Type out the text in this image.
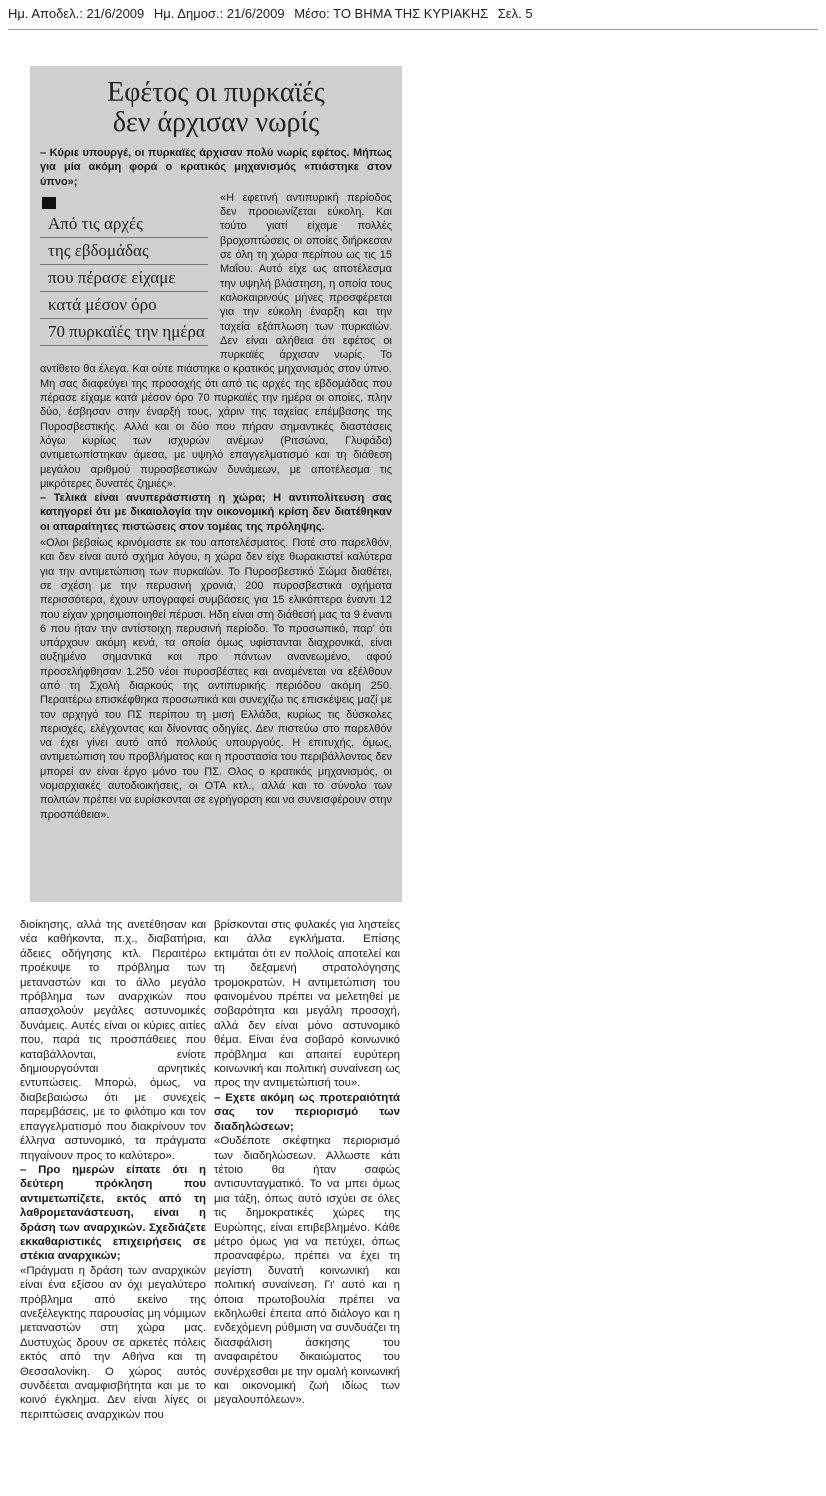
Ημ. Αποδελ.: 21/6/2009 Ημ. Δημοσ.: 21/6/2009 Μέσο: ΤΟ ΒΗΜΑ ΤΗΣ ΚΥΡΙΑΚΗΣ Σελ. 5
Εφέτος οι πυρκαϊές
δεν άρχισαν νωρίς

– Κύριε υπουργέ, οι πυρκαϊές άρχισαν πολύ νωρίς εφέτος. Μήπως για μία ακόμη φορά ο κρατικός μηχανισμός «πιάστηκε στον ύπνο»;

Από τις αρχές
της εβδομάδας
που πέρασε είχαμε
κατά μέσον όρο
70 πυρκαϊές την ημέρα

«Η εφετινή αντιπυρική περίοδος δεν προοιωνίζεται εύκολη. Και τούτο γιατί είχαμε πολλές βροχοπτώσεις οι οποίες διήρκεσαν σε όλη τη χώρα περίπου ως τις 15 Μαΐου. Αυτό είχε ως αποτέλεσμα την υψηλή βλάστηση, η οποία τους καλοκαιρινούς μήνες προσφέρεται για την εύκολη έναρξη και την ταχεία εξάπλωση των πυρκαϊών. Δεν είναι αλήθεια ότι εφέτος οι πυρκαϊές άρχισαν νωρίς. Το αντίθετο θα έλεγα. Και ούτε πιάστηκε ο κρατικός μηχανισμός στον ύπνο. Μη σας διαφεύγει της προσοχής ότι από τις αρχές της εβδομάδας που πέρασε είχαμε κατά μέσον όρο 70 πυρκαϊές την ημέρα οι οποίες, πλην δύο, έσβησαν στην έναρξή τους, χάριν της ταχείας επέμβασης της Πυροσβεστικής. Αλλά και οι δύο που πήραν σημαντικές διαστάσεις λόγω κυρίως των ισχυρών ανέμων (Ριτσώνα, Γλυφάδα) αντιμετωπίστηκαν άμεσα, με υψηλό επαγγελματισμό και τη διάθεση μεγάλου αριθμού πυροσβεστικών δυνάμεων, με αποτέλεσμα τις μικρότερες δυνατές ζημιές».

– Τελικά είναι ανυπεράσπιστη η χώρα; Η αντιπολίτευση σας κατηγορεί ότι με δικαιολογία την οικονομική κρίση δεν διατέθηκαν οι απαραίτητες πιστώσεις στον τομέας της πρόληψης.

«Ολοι βεβαίως κρινόμαστε εκ του αποτελέσματος. Ποτέ στο παρελθόν, και δεν είναι αυτό σχήμα λόγου, η χώρα δεν είχε θωρακιστεί καλύτερα για την αντιμετώπιση των πυρκαϊών. Το Πυροσβεστικό Σώμα διαθέτει, σε σχέση με την περυσινή χρονιά, 200 πυροσβεστικά οχήματα περισσότερα, έχουν υπογραφεί συμβάσεις για 15 ελικόπτερα έναντι 12 που είχαν χρησιμοποιηθεί πέρυσι. Ηδη είναι στη διάθεσή μας τα 9 έναντι 6 που ήταν την αντίστοιχη περυσινή περίοδο. Το προσωπικό, παρ' ότι υπάρχουν ακόμη κενά, τα οποία όμως υφίστανται διαχρονικά, είναι αυξημένο σημαντικά και προ πάντων ανανεωμένο, αφού προσελήφθησαν 1.250 νέοι πυροσβέστες και αναμένεται να εξέλθουν από τη Σχολή διαρκούς της αντιπυρικής περιόδου ακόμη 250. Περαιτέρω επισκέφθηκα προσωπικά και συνεχίζω τις επισκέψεις μαζί με τον αρχηγό του ΠΣ περίπου τη μισή Ελλάδα, κυρίως τις δύσκολες περιοχές, ελέγχοντας και δίνοντας οδηγίες. Δεν πιστεύω στο παρελθόν να έχει γίνει αυτό από πολλούς υπουργούς. Η επιτυχής, όμως, αντιμετώπιση του προβλήματος και η προστασία του περιβάλλοντος δεν μπορεί αν είναι έργο μόνο του ΠΣ. Ολος ο κρατικός μηχανισμός, οι νομαρχιακές αυτοδιοικήσεις, οι ΟΤΑ κτλ., αλλά και το σύνολο των πολιτών πρέπει να ευρίσκονται σε εγρήγορση και να συνεισφέρουν στην προσπάθεια».

διοίκησης, αλλά της ανετέθησαν και νέα καθήκοντα, π.χ., διαβατήρια, άδειες οδήγησης κτλ. Περαιτέρω προέκυψε το πρόβλημα των μεταναστών και το άλλο μεγάλο πρόβλημα των αναρχικών που απασχολούν μεγάλες αστυνομικές δυνάμεις. Αυτές είναι οι κύριες αιτίες που, παρά τις προσπάθειες που καταβάλλονται, ενίοτε δημιουργούνται αρνητικές εντυπώσεις. Μπορώ, όμως, να διαβεβαιώσω ότι με συνεχείς παρεμβάσεις, με το φιλότιμο και τον επαγγελματισμό που διακρίνουν τον έλληνα αστυνομικό, τα πράγματα πηγαίνουν προς το καλύτερο».

– Προ ημερών είπατε ότι η δεύτερη πρόκληση που αντιμετωπίζετε, εκτός από τη λαθρομετανάστευση, είναι η δράση των αναρχικών. Σχεδιάζετε εκκαθαριστικές επιχειρήσεις σε στέκια αναρχικών;

«Πράγματι η δράση των αναρχικών είναι ένα εξίσου αν όχι μεγαλύτερο πρόβλημα από εκείνο της ανεξέλεγκτης παρουσίας μη νόμιμων μεταναστών στη χώρα μας. Δυστυχώς δρουν σε αρκετές πόλεις εκτός από την Αθήνα και τη Θεσσαλονίκη. Ο χώρος αυτός συνδέεται αναμφισβήτητα και με το κοινό έγκλημα. Δεν είναι λίγες οι περιπτώσεις αναρχικών που

βρίσκονται στις φυλακές για ληστείες και άλλα εγκλήματα. Επίσης εκτιμάται ότι εν πολλοίς αποτελεί και τη δεξαμενή στρατολόγησης τρομοκρατών. Η αντιμετώπιση του φαινομένου πρέπει να μελετηθεί με σοβαρότητα και μεγάλη προσοχή, αλλά δεν είναι μόνο αστυνομικό θέμα. Είναι ένα σοβαρό κοινωνικό πρόβλημα και απαιτεί ευρύτερη κοινωνική και πολιτική συναίνεση ως προς την αντιμετώπισή του».

– Εχετε ακόμη ως προτεραιότητά σας τον περιορισμό των διαδηλώσεων;

«Ουδέποτε σκέφτηκα περιορισμό των διαδηλώσεων. Αλλωστε κάτι τέτοιο θα ήταν σαφώς αντισυνταγματικό. Το να μπει όμως μια τάξη, όπως αυτό ισχύει σε όλες τις δημοκρατικές χώρες της Ευρώπης, είναι επιβεβλημένο. Κάθε μέτρο όμως για να πετύχει, όπως προαναφέρω, πρέπει να έχει τη μεγίστη δυνατή κοινωνική και πολιτική συναίνεση. Γι' αυτό και η όποια πρωτοβουλία πρέπει να εκδηλωθεί έπειτα από διάλογο και η ενδεχόμενη ρύθμιση να συνδυάζει τη διασφάλιση άσκησης του αναφαιρέτου δικαιώματος του συνέρχεσθαι με την ομαλή κοινωνική και οικονομική ζωή ιδίως των μεγαλουπόλεων».
